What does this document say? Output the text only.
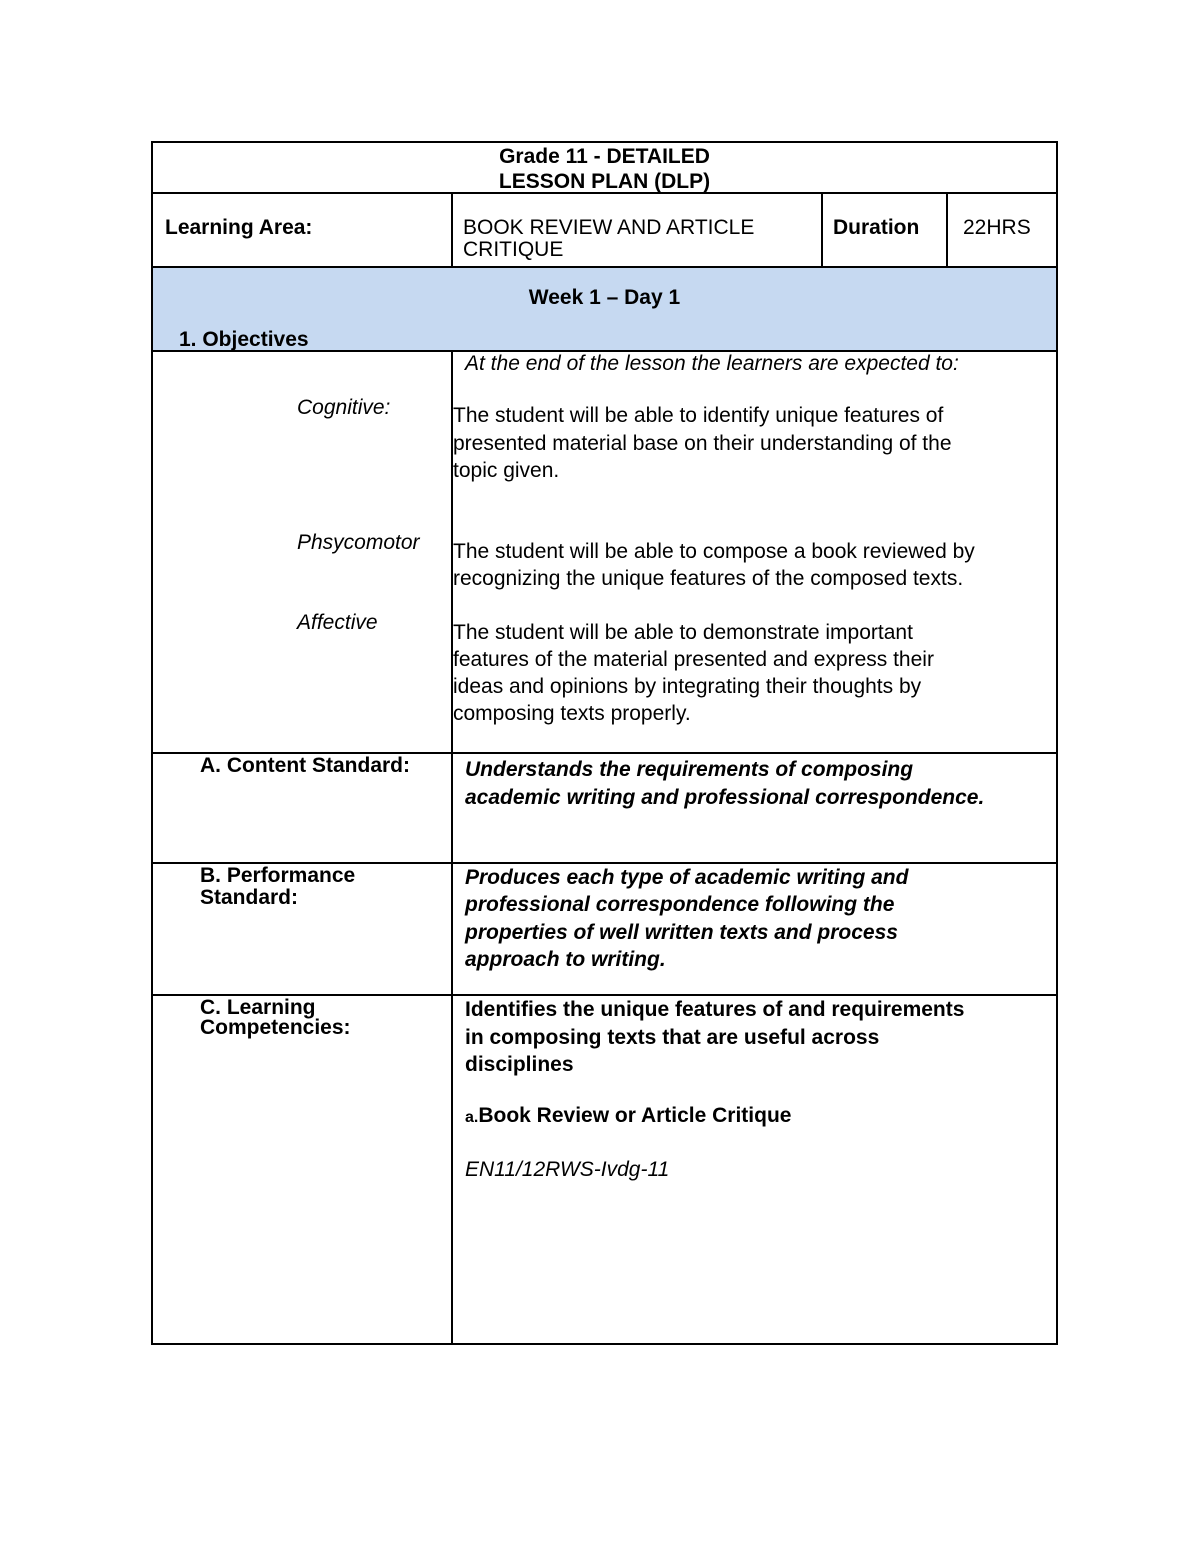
Grade 11 - DETAILED
LESSON PLAN (DLP)
Learning Area:	BOOK REVIEW AND ARTICLE
CRITIQUE
Duration 22HRS
Week 1 – Day 1
1. Objectives
Cognitive:
Phsycomotor
Affective
At the end of the lesson the learners are expected to:
The student will be able to identify unique features of
presented material base on their understanding of the
topic given.
The student will be able to compose a book reviewed by
recognizing the unique features of the composed texts.
The student will be able to demonstrate important
features of the material presented and express their
ideas and opinions by integrating their thoughts by
composing texts properly.
A. Content Standard:	Understands the requirements of composing
academic writing and professional correspondence.
B. Performance
Standard:
Produces each type of academic writing and
professional correspondence following the
properties of well written texts and process
approach to writing.
C. Learning
Competencies:
Identifies the unique features of and requirements
in composing texts that are useful across
disciplines
a.Book Review or Article Critique
EN11/12RWS-Ivdg-11
